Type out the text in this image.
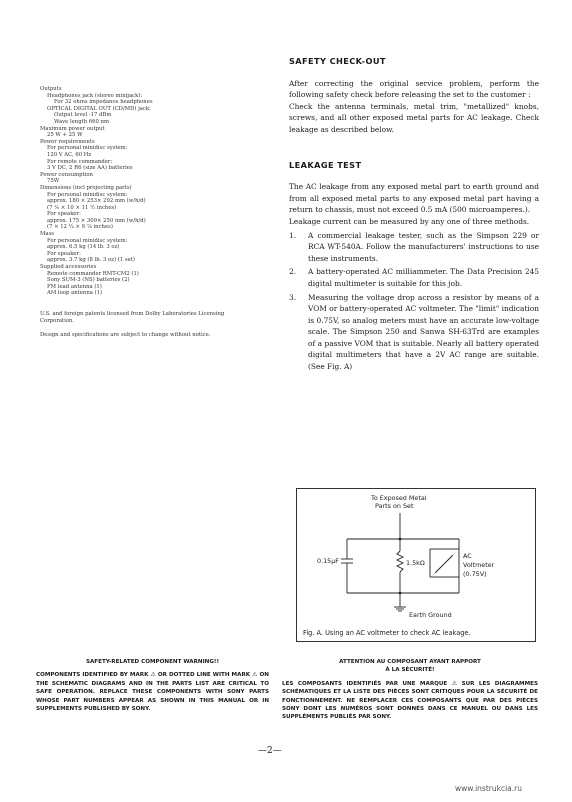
Outputs
Headphones jack (stereo minijack):
For 32 ohms impedance headphones
OPTICAL DIGITAL OUT (CD/MD) jack:
Output level -17 dBm
Wave length 660 nm
Maximum power output
25 W + 25 W
Power requirements
For personal minidisc system:
120 V AC, 60 Hz
For remote commander:
3 V DC, 2 R6 (size AA) batteries
Power consumption
75W
Dimensions (incl projecting parts)
For personal minidisc system:
approx. 180 × 253× 292 mm (w/h/d)
(7 ¹⁄₈ × 10 × 11 ½ inches)
For speaker:
approx. 175 × 309× 250 mm (w/h/d)
(7 × 12 ¼ × 9 ⅞ inches)
Mass
For personal minidisc system:
approx. 6.5 kg (14 lb. 3 oz)
For speaker:
approx. 3.7 kg (8 lb. 3 oz) (1 set)
Supplied accessories
Remote commander RMT-CM2 (1)
Sony SUM-3 (NS) batteries (2)
FM lead antenna (1)
AM loop antenna (1)
U.S. and foreign patents licensed from Dolby Laboratories Licensing Corporation.
Design and specifications are subject to change without notice.
SAFETY CHECK-OUT

After correcting the original service problem, perform the following safety check before releasing the set to the customer :

Check the antenna terminals, metal trim, "metallized" knobs, screws, and all other exposed metal parts for AC leakage. Check leakage as described below.

LEAKAGE TEST

The AC leakage from any exposed metal part to earth ground and from all exposed metal parts to any exposed metal part having a return to chassis, must not exceed 0.5 mA (500 microamperes.).

Leakage current can be measured by any one of three methods.

1.	A commercial leakage tester, such as the Simpson 229 or RCA WT-540A. Follow the manufacturers' instructions to use these instruments.
2.	A battery-operated AC milliammeter. The Data Precision 245 digital multimeter is suitable for this job.
3.	Measuring the voltage drop across a resistor by means of a VOM or battery-operated AC voltmeter. The "limit" indication is 0.75V, so analog meters must have an accurate low-voltage scale. The Simpson 250 and Sanwa SH-63Trd are examples of a passive VOM that is suitable. Nearly all battery operated digital multimeters that have a 2V AC range are suitable. (See Fig. A)
To Exposed Metal
Parts on Set
0.15μF	1.5kΩ
AC
Voltmeter
(0.75V)
Earth Ground
Fig. A. Using an AC voltmeter to check AC leakage.
SAFETY-RELATED COMPONENT WARNING!!
COMPONENTS IDENTIFIED BY MARK ⚠ OR DOTTED LINE WITH MARK ⚠ ON THE SCHEMATIC DIAGRAMS AND IN THE PARTS LIST ARE CRITICAL TO SAFE OPERATION. REPLACE THESE COMPONENTS WITH SONY PARTS WHOSE PART NUMBERS APPEAR AS SHOWN IN THIS MANUAL OR IN SUPPLEMENTS PUBLISHED BY SONY.
ATTENTION AU COMPOSANT AYANT RAPPORT
À LA SÉCURITÉ!
LES COMPOSANTS IDENTIFIÉS PAR UNE MARQUE ⚠ SUR LES DIAGRAMMES SCHÉMATIQUES ET LA LISTE DES PIÈCES SONT CRITIQUES POUR LA SÉCURITÉ DE FONCTIONNEMENT. NE REMPLACER CES COMPOSANTS QUE PAR DES PIÈCES SONY DONT LES NUMÉROS SONT DONNÉS DANS CE MANUEL OU DANS LES SUPPLÉMENTS PUBLIÉS PAR SONY.
—2—
www.instrukcia.ru
